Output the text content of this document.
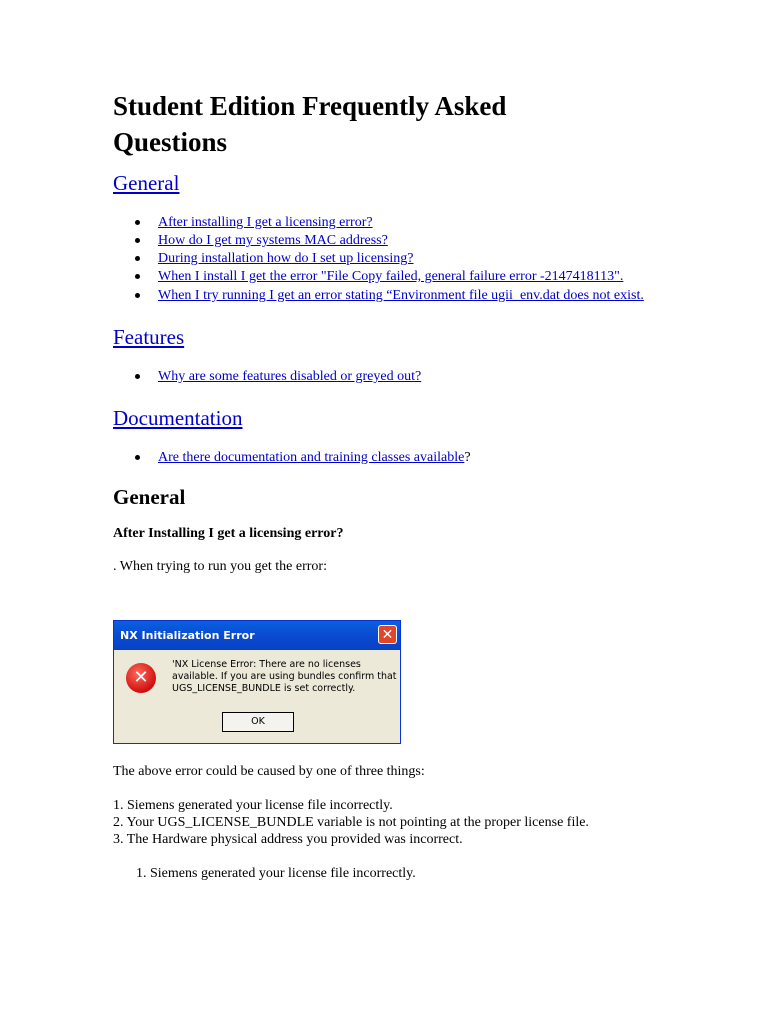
Student Edition Frequently Asked Questions
General
After installing I get a licensing error?
How do I get my systems MAC address?
During installation how do I set up licensing?
When I install I get the error "File Copy failed, general failure error -2147418113".
When I try running I get an error stating “Environment file ugii_env.dat does not exist.
Features
Why are some features disabled or greyed out?
Documentation
Are there documentation and training classes available?
General
After Installing I get a licensing error?
. When trying to run you get the error:
NX Initialization Error	✕
✕
'NX License Error: There are no licenses available. If you are using bundles confirm that UGS_LICENSE_BUNDLE is set correctly.
OK
The above error could be caused by one of three things:
1. Siemens generated your license file incorrectly.
2. Your UGS_LICENSE_BUNDLE variable is not pointing at the proper license file.
3. The Hardware physical address you provided was incorrect.
1. Siemens generated your license file incorrectly.
